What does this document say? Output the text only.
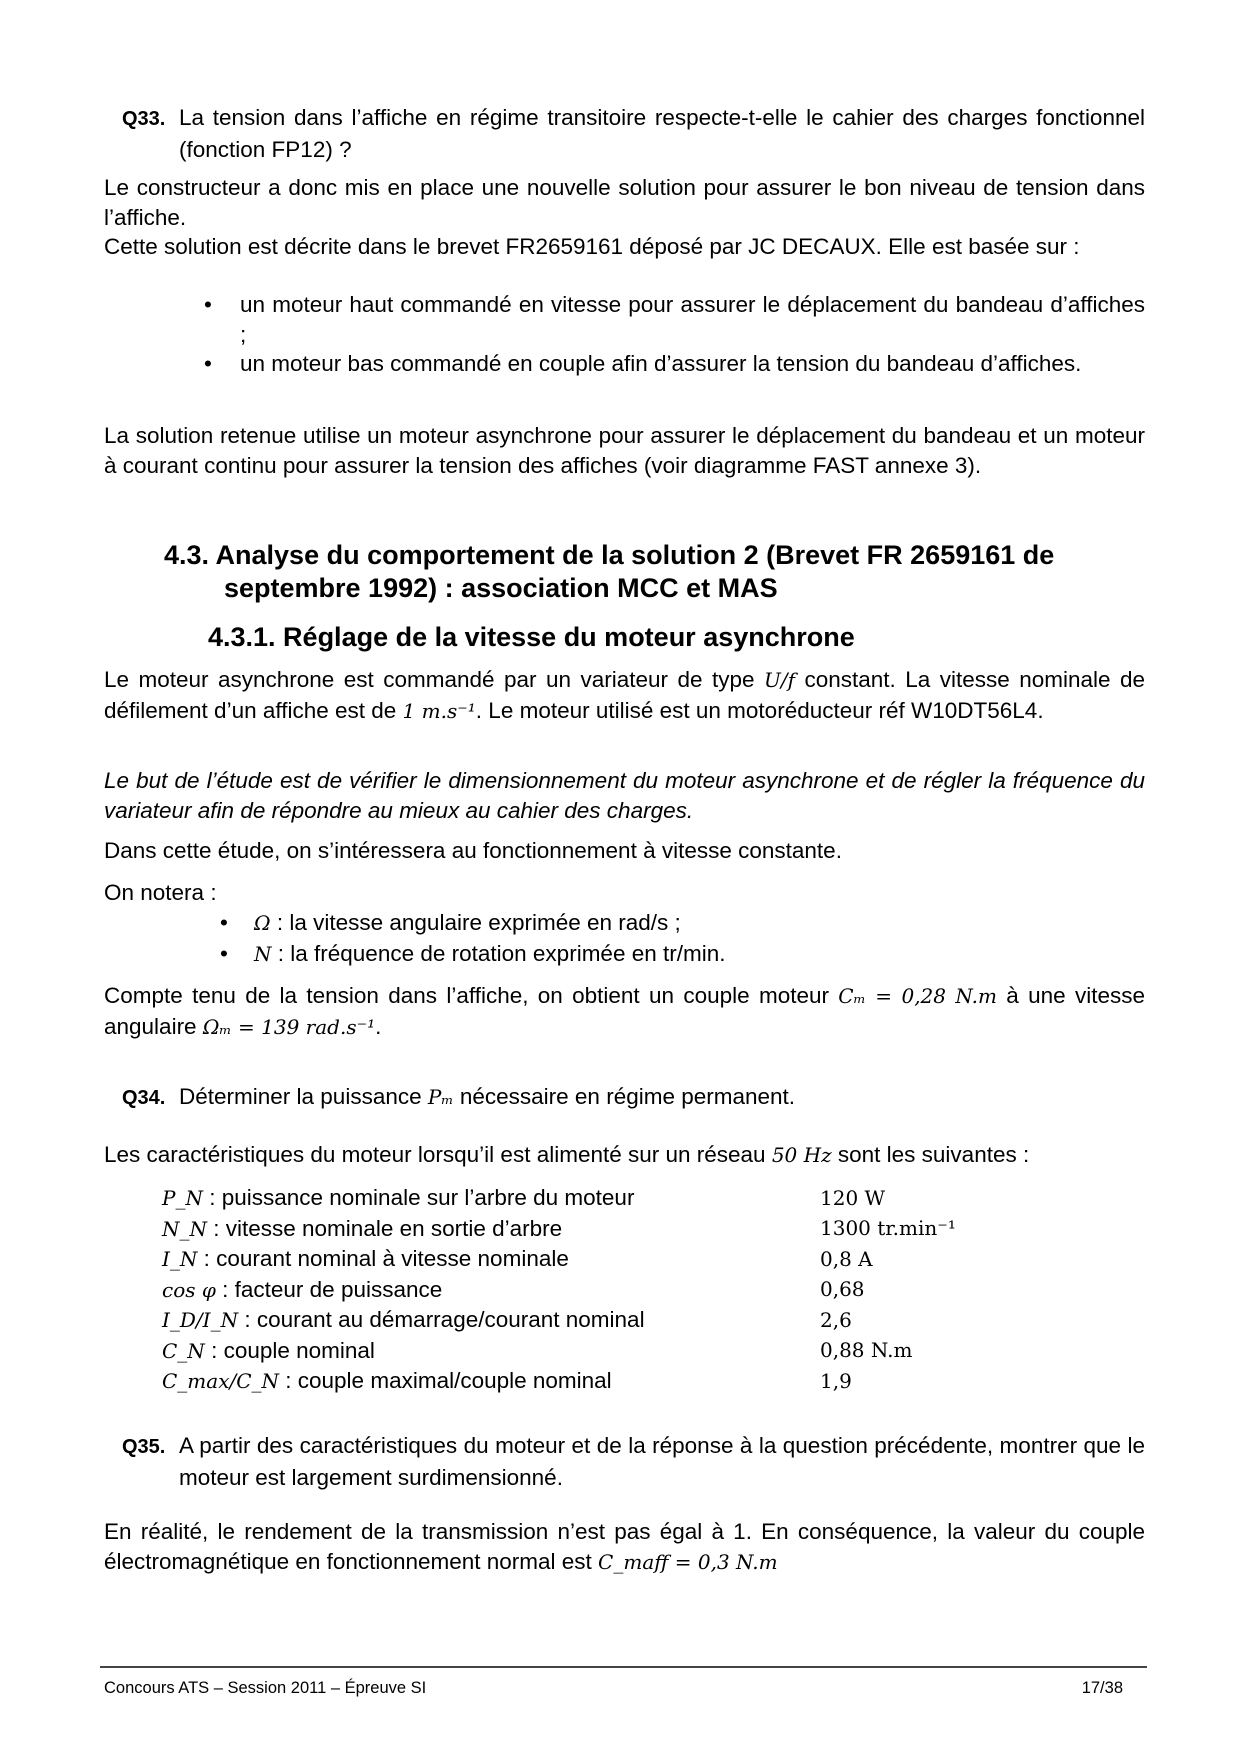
Q33. La tension dans l’affiche en régime transitoire respecte-t-elle le cahier des charges fonctionnel (fonction FP12) ?
Le constructeur a donc mis en place une nouvelle solution pour assurer le bon niveau de tension dans l’affiche.
Cette solution est décrite dans le brevet FR2659161 déposé par JC DECAUX. Elle est basée sur :
• un moteur haut commandé en vitesse pour assurer le déplacement du bandeau d’affiches ;
• un moteur bas commandé en couple afin d’assurer la tension du bandeau d’affiches.
La solution retenue utilise un moteur asynchrone pour assurer le déplacement du bandeau et un moteur à courant continu pour assurer la tension des affiches (voir diagramme FAST annexe 3).
4.3. Analyse du comportement de la solution 2 (Brevet FR 2659161 de septembre 1992) : association MCC et MAS
4.3.1. Réglage de la vitesse du moteur asynchrone
Le moteur asynchrone est commandé par un variateur de type U/f constant. La vitesse nominale de défilement d’un affiche est de 1 m.s⁻¹. Le moteur utilisé est un motoréducteur réf W10DT56L4.
Le but de l’étude est de vérifier le dimensionnement du moteur asynchrone et de régler la fréquence du variateur afin de répondre au mieux au cahier des charges.
Dans cette étude, on s’intéressera au fonctionnement à vitesse constante.
On notera :
• Ω : la vitesse angulaire exprimée en rad/s ;
• N : la fréquence de rotation exprimée en tr/min.
Compte tenu de la tension dans l’affiche, on obtient un couple moteur Cₘ = 0,28 N.m à une vitesse angulaire Ωₘ = 139 rad.s⁻¹.
Q34. Déterminer la puissance Pₘ nécessaire en régime permanent.
Les caractéristiques du moteur lorsqu’il est alimenté sur un réseau 50 Hz sont les suivantes :
P_N : puissance nominale sur l’arbre du moteur	120 W
N_N : vitesse nominale en sortie d’arbre	1300 tr.min⁻¹
I_N : courant nominal à vitesse nominale	0,8 A
cos φ : facteur de puissance	0,68
I_D/I_N : courant au démarrage/courant nominal	2,6
C_N : couple nominal	0,88 N.m
C_max/C_N : couple maximal/couple nominal	1,9
Q35. A partir des caractéristiques du moteur et de la réponse à la question précédente, montrer que le moteur est largement surdimensionné.
En réalité, le rendement de la transmission n’est pas égal à 1. En conséquence, la valeur du couple électromagnétique en fonctionnement normal est C_maff = 0,3 N.m
Concours ATS – Session 2011 – Épreuve SI	17/38
